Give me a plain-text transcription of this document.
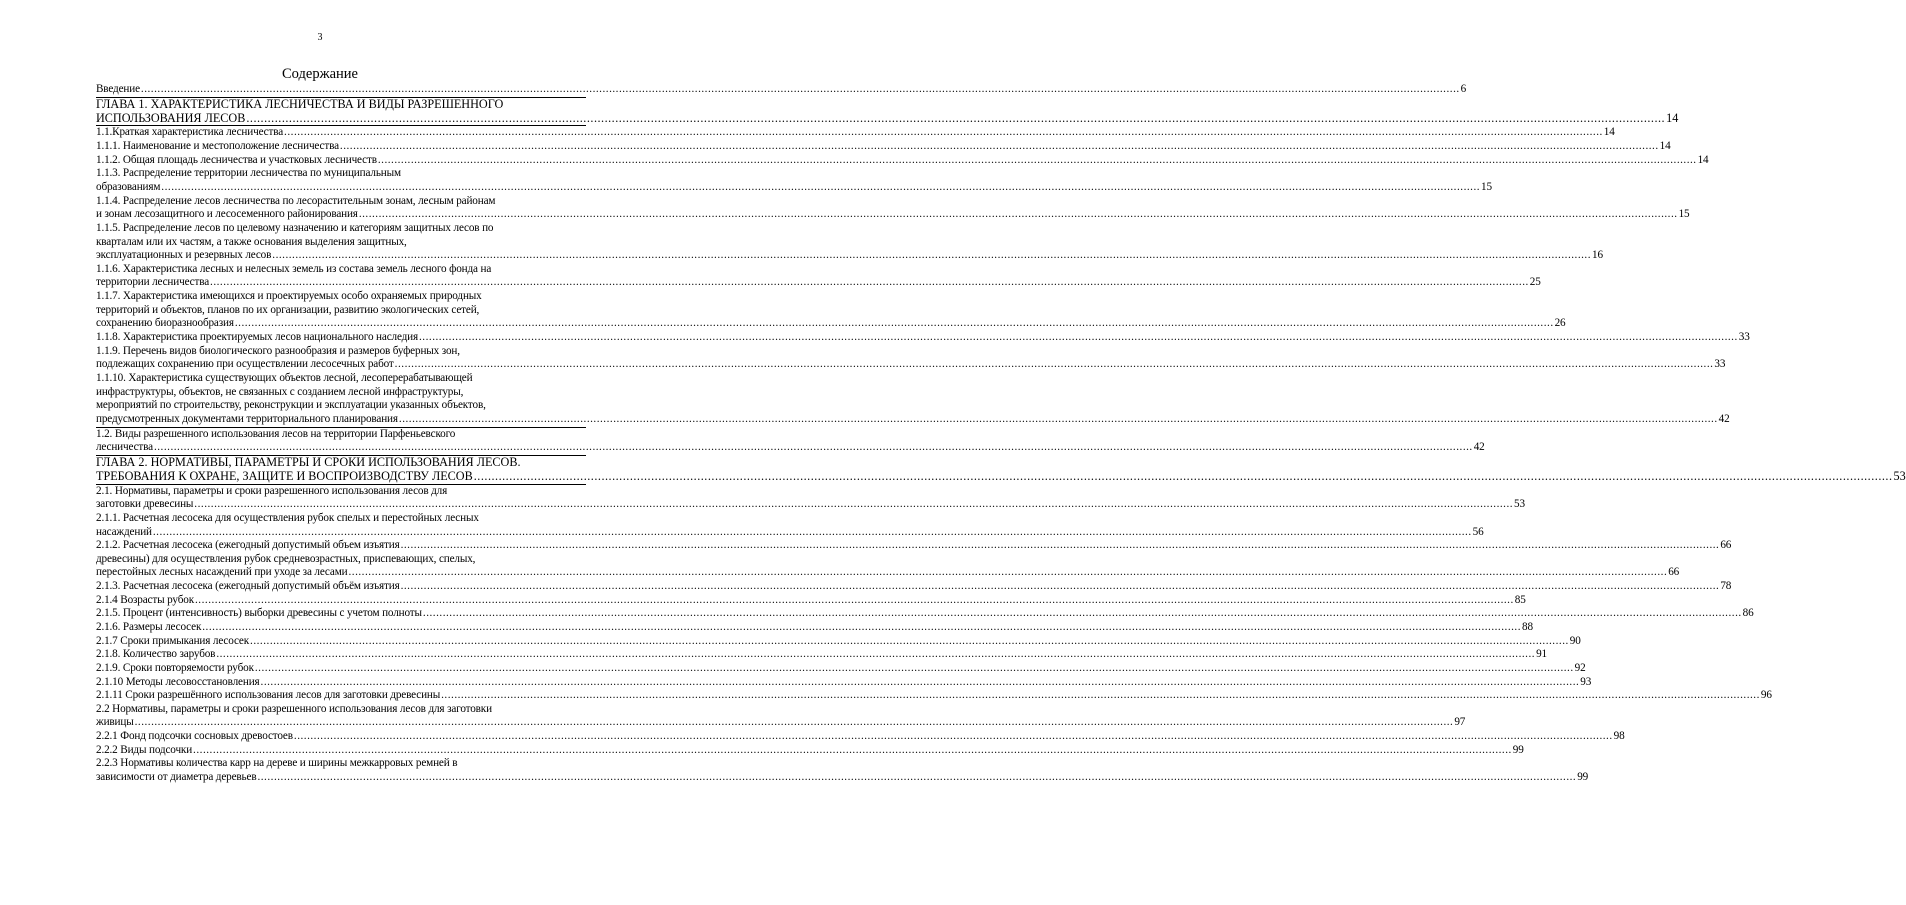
3
Содержание
Введение ................................................................................................................................................................................................................................................................................................................................................................................................................ 6
ГЛАВА 1. ХАРАКТЕРИСТИКА ЛЕСНИЧЕСТВА И ВИДЫ РАЗРЕШЕННОГО
ИСПОЛЬЗОВАНИЯ ЛЕСОВ ................................................................................................................................................................................................................................................................................................................................................................................................................ 14
1.1.Краткая характеристика лесничества ................................................................................................................................................................................................................................................................................................................................................................................................................ 14
1.1.1. Наименование и местоположение лесничества ................................................................................................................................................................................................................................................................................................................................................................................................................ 14
1.1.2. Общая площадь лесничества и участковых лесничеств ................................................................................................................................................................................................................................................................................................................................................................................................................ 14
1.1.3. Распределение территории лесничества по муниципальным
образованиям ................................................................................................................................................................................................................................................................................................................................................................................................................ 15
1.1.4. Распределение лесов лесничества по лесорастительным зонам, лесным районам
и зонам лесозащитного и лесосеменного районирования ................................................................................................................................................................................................................................................................................................................................................................................................................ 15
1.1.5. Распределение лесов по целевому назначению и категориям защитных лесов по
кварталам или их частям, а также основания выделения защитных,
эксплуатационных и резервных лесов ................................................................................................................................................................................................................................................................................................................................................................................................................ 16
1.1.6. Характеристика лесных и нелесных земель из состава земель лесного фонда на
территории лесничества ................................................................................................................................................................................................................................................................................................................................................................................................................ 25
1.1.7. Характеристика имеющихся и проектируемых особо охраняемых природных
территорий и объектов, планов по их организации, развитию экологических сетей,
сохранению биоразнообразия ................................................................................................................................................................................................................................................................................................................................................................................................................ 26
1.1.8. Характеристика проектируемых лесов национального наследия ................................................................................................................................................................................................................................................................................................................................................................................................................ 33
1.1.9. Перечень видов биологического разнообразия и размеров буферных зон,
подлежащих сохранению при осуществлении лесосечных работ ................................................................................................................................................................................................................................................................................................................................................................................................................ 33
1.1.10. Характеристика существующих объектов лесной, лесоперерабатывающей
инфраструктуры, объектов, не связанных с созданием лесной инфраструктуры,
мероприятий по строительству, реконструкции и эксплуатации указанных объектов,
предусмотренных документами территориального планирования ................................................................................................................................................................................................................................................................................................................................................................................................................ 42
1.2. Виды разрешенного использования лесов на территории Парфеньевского
лесничества ................................................................................................................................................................................................................................................................................................................................................................................................................ 42
ГЛАВА 2. НОРМАТИВЫ, ПАРАМЕТРЫ И СРОКИ ИСПОЛЬЗОВАНИЯ ЛЕСОВ.
ТРЕБОВАНИЯ К ОХРАНЕ, ЗАЩИТЕ И ВОСПРОИЗВОДСТВУ ЛЕСОВ ................................................................................................................................................................................................................................................................................................................................................................................................................ 53
2.1. Нормативы, параметры и сроки разрешенного использования лесов для
заготовки древесины ................................................................................................................................................................................................................................................................................................................................................................................................................ 53
2.1.1. Расчетная лесосека для осуществления рубок спелых и перестойных лесных
насаждений ................................................................................................................................................................................................................................................................................................................................................................................................................ 56
2.1.2. Расчетная лесосека (ежегодный допустимый объем изъятия ................................................................................................................................................................................................................................................................................................................................................................................................................ 66
древесины) для осуществления рубок средневозрастных, приспевающих, спелых,
перестойных лесных насаждений при уходе за лесами ................................................................................................................................................................................................................................................................................................................................................................................................................ 66
2.1.3. Расчетная лесосека (ежегодный допустимый объём изъятия ................................................................................................................................................................................................................................................................................................................................................................................................................ 78
2.1.4 Возрасты рубок ................................................................................................................................................................................................................................................................................................................................................................................................................ 85
2.1.5. Процент (интенсивность) выборки древесины с учетом полноты ................................................................................................................................................................................................................................................................................................................................................................................................................ 86
2.1.6. Размеры лесосек ................................................................................................................................................................................................................................................................................................................................................................................................................ 88
2.1.7 Сроки примыкания лесосек ................................................................................................................................................................................................................................................................................................................................................................................................................ 90
2.1.8. Количество зарубов ................................................................................................................................................................................................................................................................................................................................................................................................................ 91
2.1.9. Сроки повторяемости рубок ................................................................................................................................................................................................................................................................................................................................................................................................................ 92
2.1.10 Методы лесовосстановления ................................................................................................................................................................................................................................................................................................................................................................................................................ 93
2.1.11 Сроки разрешённого использования лесов для заготовки древесины ................................................................................................................................................................................................................................................................................................................................................................................................................ 96
2.2 Нормативы, параметры и сроки разрешенного использования лесов для заготовки
живицы ................................................................................................................................................................................................................................................................................................................................................................................................................ 97
2.2.1 Фонд подсочки сосновых древостоев ................................................................................................................................................................................................................................................................................................................................................................................................................ 98
2.2.2 Виды подсочки ................................................................................................................................................................................................................................................................................................................................................................................................................ 99
2.2.3 Нормативы количества карр на дереве и ширины межкарровых ремней в
зависимости от диаметра деревьев ................................................................................................................................................................................................................................................................................................................................................................................................................ 99
